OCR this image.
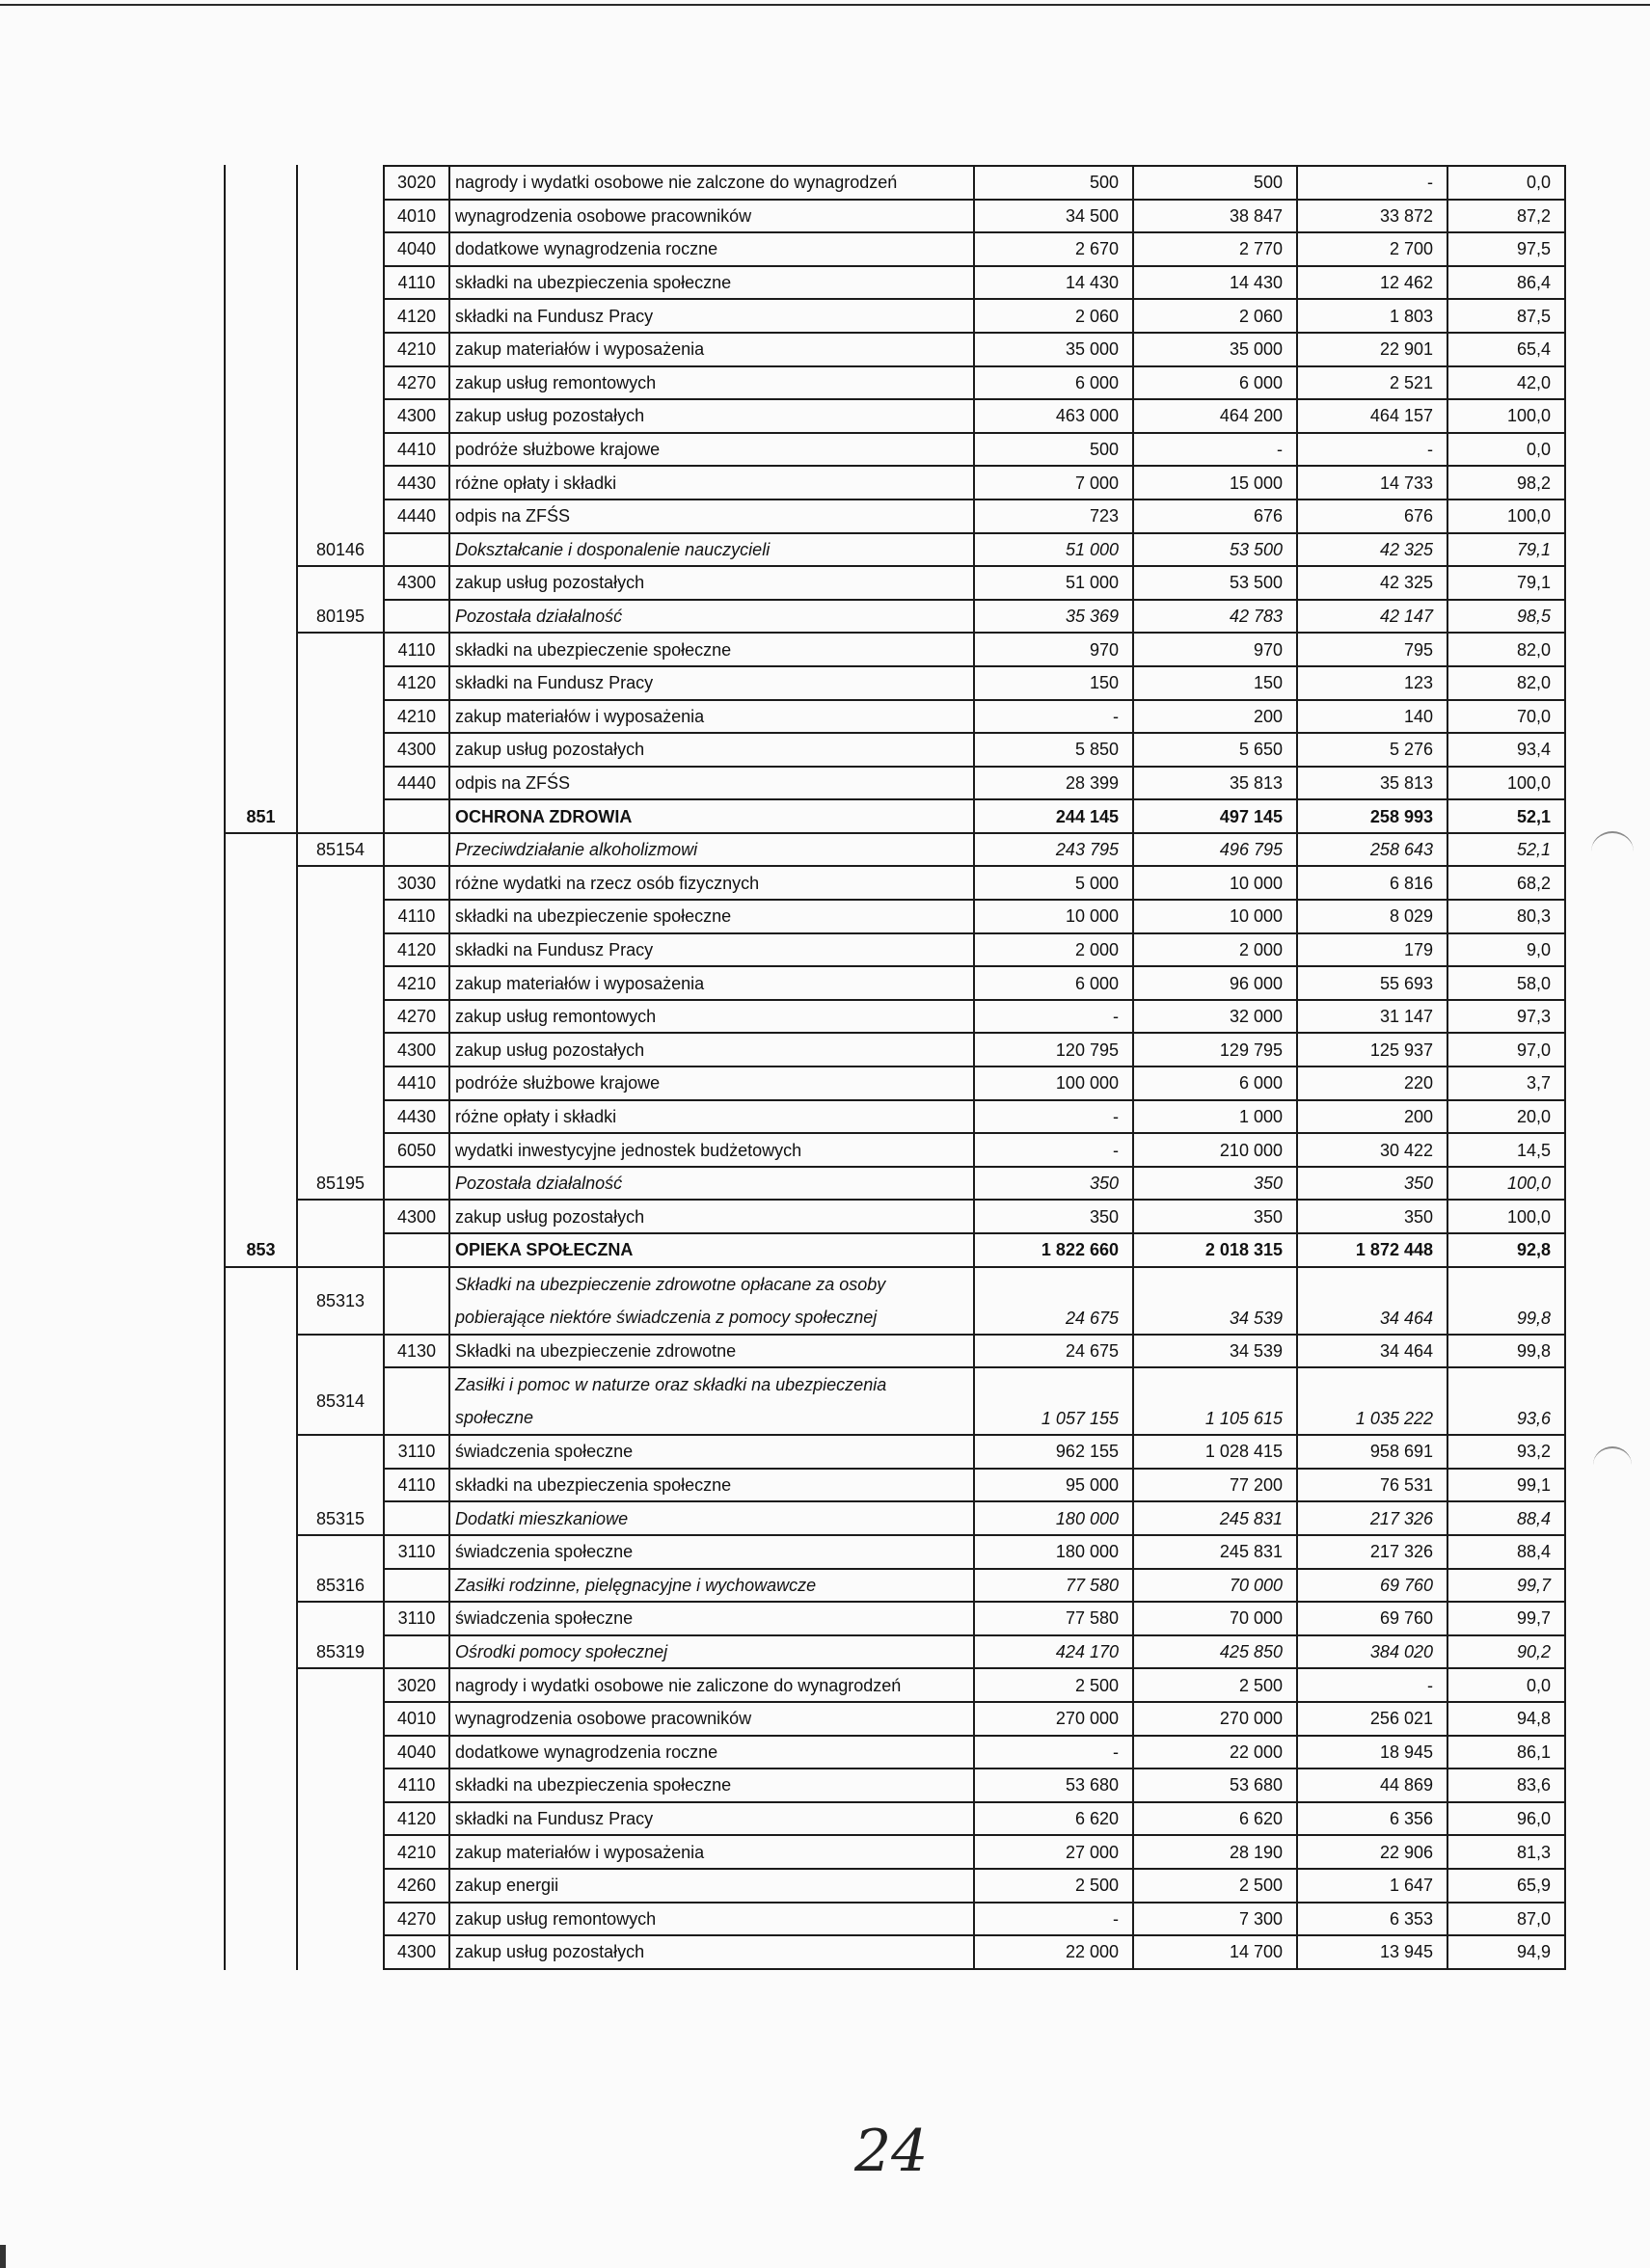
		3020	nagrody i wydatki osobowe nie zalczone do wynagrodzeń	500	500	-	0,0
		4010	wynagrodzenia osobowe pracowników	34 500	38 847	33 872	87,2
		4040	dodatkowe wynagrodzenia roczne	2 670	2 770	2 700	97,5
		4110	składki na ubezpieczenia społeczne	14 430	14 430	12 462	86,4
		4120	składki na Fundusz Pracy	2 060	2 060	1 803	87,5
		4210	zakup materiałów i wyposażenia	35 000	35 000	22 901	65,4
		4270	zakup usług remontowych	6 000	6 000	2 521	42,0
		4300	zakup usług pozostałych	463 000	464 200	464 157	100,0
		4410	podróże służbowe krajowe	500	-	-	0,0
		4430	różne opłaty i składki	7 000	15 000	14 733	98,2
		4440	odpis na ZFŚS	723	676	676	100,0
	80146		Dokształcanie i dosponalenie nauczycieli	51 000	53 500	42 325	79,1
		4300	zakup usług pozostałych	51 000	53 500	42 325	79,1
	80195		Pozostała działalność	35 369	42 783	42 147	98,5
		4110	składki na ubezpieczenie społeczne	970	970	795	82,0
		4120	składki na Fundusz Pracy	150	150	123	82,0
		4210	zakup materiałów i wyposażenia	-	200	140	70,0
		4300	zakup usług pozostałych	5 850	5 650	5 276	93,4
		4440	odpis na ZFŚS	28 399	35 813	35 813	100,0
851			OCHRONA ZDROWIA	244 145	497 145	258 993	52,1
	85154		Przeciwdziałanie alkoholizmowi	243 795	496 795	258 643	52,1
		3030	różne wydatki na rzecz osób fizycznych	5 000	10 000	6 816	68,2
		4110	składki na ubezpieczenie społeczne	10 000	10 000	8 029	80,3
		4120	składki na Fundusz Pracy	2 000	2 000	179	9,0
		4210	zakup materiałów i wyposażenia	6 000	96 000	55 693	58,0
		4270	zakup usług remontowych	-	32 000	31 147	97,3
		4300	zakup usług pozostałych	120 795	129 795	125 937	97,0
		4410	podróże służbowe krajowe	100 000	6 000	220	3,7
		4430	różne opłaty i składki	-	1 000	200	20,0
		6050	wydatki inwestycyjne jednostek budżetowych	-	210 000	30 422	14,5
	85195		Pozostała działalność	350	350	350	100,0
		4300	zakup usług pozostałych	350	350	350	100,0
853			OPIEKA SPOŁECZNA	1 822 660	2 018 315	1 872 448	92,8
	85313		Składki na ubezpieczenie zdrowotne opłacane za osoby pobierające niektóre świadczenia z pomocy społecznej	24 675	34 539	34 464	99,8
		4130	Składki na ubezpieczenie zdrowotne	24 675	34 539	34 464	99,8
	85314		Zasiłki i pomoc w naturze oraz składki na ubezpieczenia społeczne	1 057 155	1 105 615	1 035 222	93,6
		3110	świadczenia społeczne	962 155	1 028 415	958 691	93,2
		4110	składki na ubezpieczenia społeczne	95 000	77 200	76 531	99,1
	85315		Dodatki mieszkaniowe	180 000	245 831	217 326	88,4
		3110	świadczenia społeczne	180 000	245 831	217 326	88,4
	85316		Zasiłki rodzinne, pielęgnacyjne i wychowawcze	77 580	70 000	69 760	99,7
		3110	świadczenia społeczne	77 580	70 000	69 760	99,7
	85319		Ośrodki pomocy społecznej	424 170	425 850	384 020	90,2
		3020	nagrody i wydatki osobowe nie zaliczone do wynagrodzeń	2 500	2 500	-	0,0
		4010	wynagrodzenia osobowe pracowników	270 000	270 000	256 021	94,8
		4040	dodatkowe wynagrodzenia roczne	-	22 000	18 945	86,1
		4110	składki na ubezpieczenia społeczne	53 680	53 680	44 869	83,6
		4120	składki na Fundusz Pracy	6 620	6 620	6 356	96,0
		4210	zakup materiałów i wyposażenia	27 000	28 190	22 906	81,3
		4260	zakup energii	2 500	2 500	1 647	65,9
		4270	zakup usług remontowych	-	7 300	6 353	87,0
		4300	zakup usług pozostałych	22 000	14 700	13 945	94,9
24
